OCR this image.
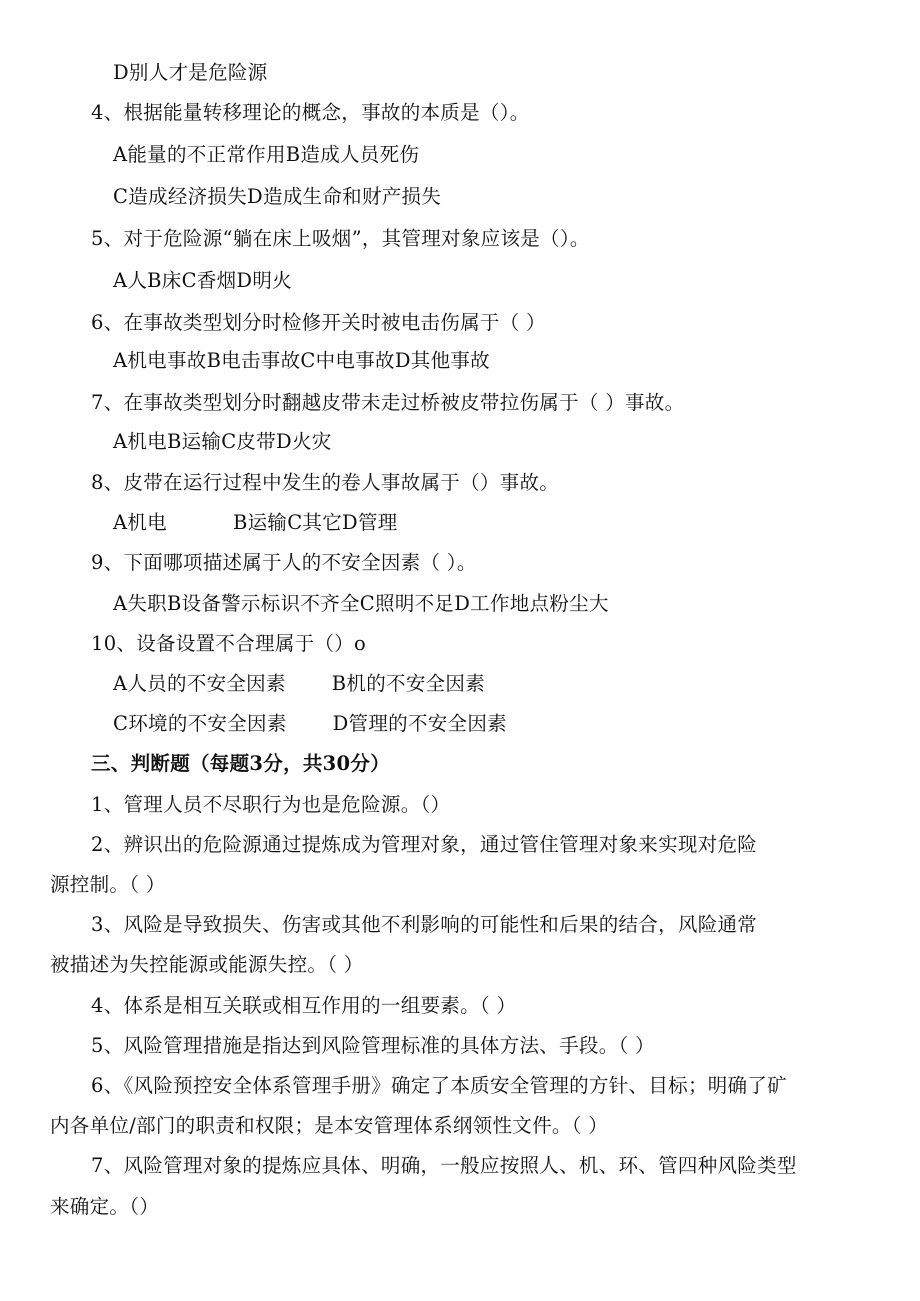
D别人才是危险源
4、根据能量转移理论的概念，事故的本质是（）。
A能量的不正常作用B造成人员死伤
C造成经济损失D造成生命和财产损失
5、对于危险源“躺在床上吸烟”，其管理对象应该是（）。
A人B床C香烟D明火
6、在事故类型划分时检修开关时被电击伤属于（ ）
A机电事故B电击事故C中电事故D其他事故
7、在事故类型划分时翻越皮带未走过桥被皮带拉伤属于（ ）事故。
A机电B运输C皮带D火灾
8、皮带在运行过程中发生的卷人事故属于（）事故。
A机电	B运输C其它D管理
9、下面哪项描述属于人的不安全因素（ ）。
A失职B设备警示标识不齐全C照明不足D工作地点粉尘大
10、设备设置不合理属于（）o
A人员的不安全因素 B机的不安全因素
C环境的不安全因素 D管理的不安全因素
三、判断题（每题3分，共30分）
1、管理人员不尽职行为也是危险源。（）
2、辨识出的危险源通过提炼成为管理对象，通过管住管理对象来实现对危险
源控制。（ ）
3、风险是导致损失、伤害或其他不利影响的可能性和后果的结合，风险通常
被描述为失控能源或能源失控。（ ）
4、体系是相互关联或相互作用的一组要素。（ ）
5、风险管理措施是指达到风险管理标准的具体方法、手段。（ ）
6、《风险预控安全体系管理手册》确定了本质安全管理的方针、目标；明确了矿
内各单位/部门的职责和权限；是本安管理体系纲领性文件。（ ）
7、风险管理对象的提炼应具体、明确，一般应按照人、机、环、管四种风险类型
来确定。（）
